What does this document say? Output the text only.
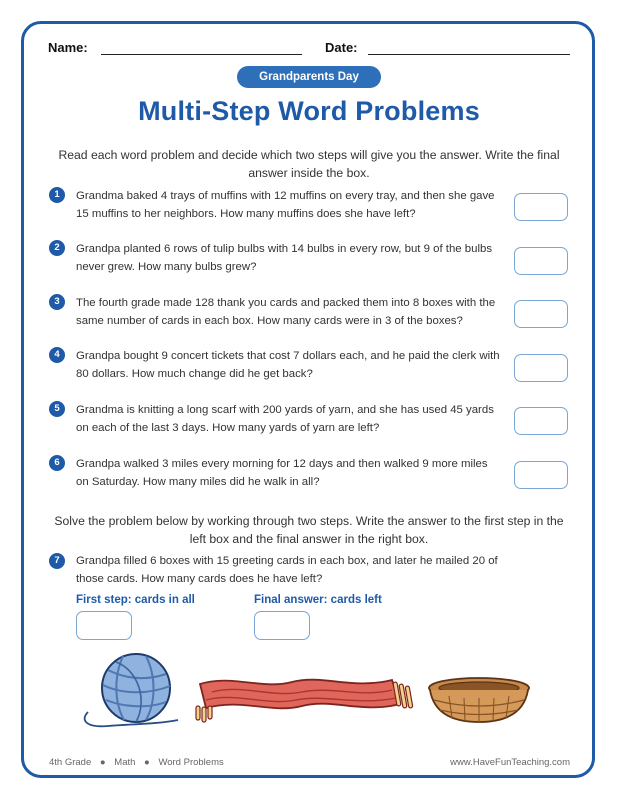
Name:	Date:
Grandparents Day
Multi-Step Word Problems
Read each word problem and decide which two steps will give you the answer. Write the final answer inside the box.
1	Grandma baked 4 trays of muffins with 12 muffins on every tray, and then she gave 15 muffins to her neighbors. How many muffins does she have left?
2	Grandpa planted 6 rows of tulip bulbs with 14 bulbs in every row, but 9 of the bulbs never grew. How many bulbs grew?
3	The fourth grade made 128 thank you cards and packed them into 8 boxes with the same number of cards in each box. How many cards were in 3 of the boxes?
4	Grandpa bought 9 concert tickets that cost 7 dollars each, and he paid the clerk with 80 dollars. How much change did he get back?
5	Grandma is knitting a long scarf with 200 yards of yarn, and she has used 45 yards on each of the last 3 days. How many yards of yarn are left?
6	Grandpa walked 3 miles every morning for 12 days and then walked 9 more miles on Saturday. How many miles did he walk in all?
Solve the problem below by working through two steps. Write the answer to the first step in the left box and the final answer in the right box.
7	Grandpa filled 6 boxes with 15 greeting cards in each box, and later he mailed 20 of those cards. How many cards does he have left?
First step: cards in all	Final answer: cards left
4th Grade ● Math ● Word Problems	www.HaveFunTeaching.com
